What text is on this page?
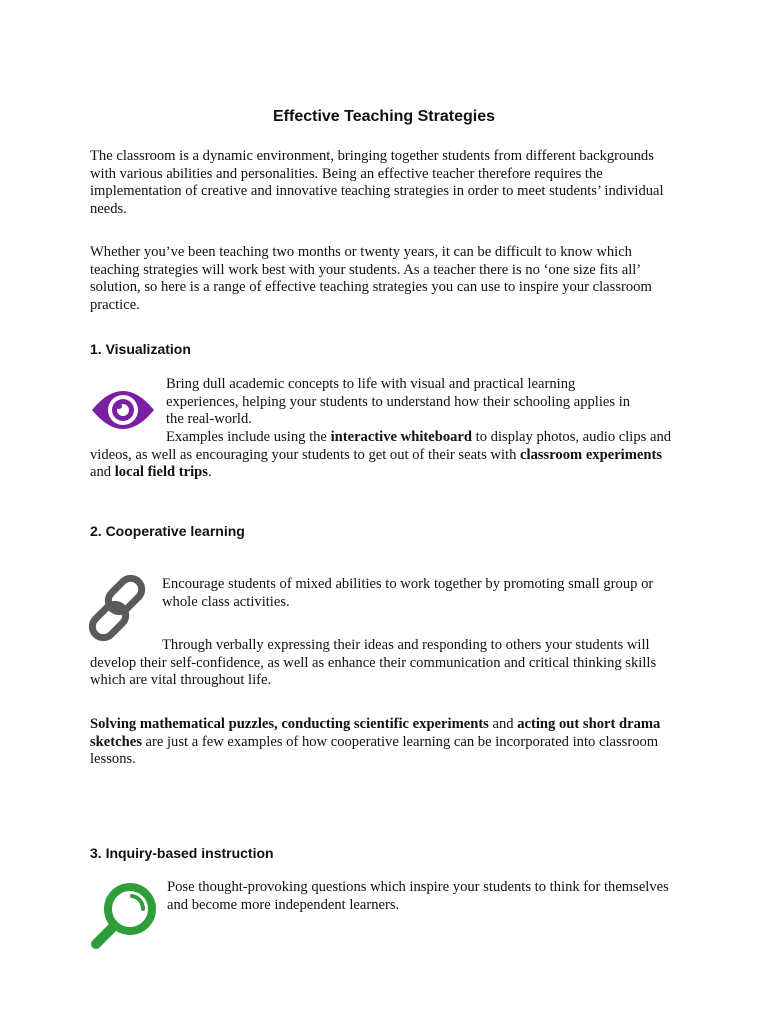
Effective Teaching Strategies
The classroom is a dynamic environment, bringing together students from different backgrounds with various abilities and personalities. Being an effective teacher therefore requires the implementation of creative and innovative teaching strategies in order to meet students’ individual needs.
Whether you’ve been teaching two months or twenty years, it can be difficult to know which teaching strategies will work best with your students. As a teacher there is no ‘one size fits all’ solution, so here is a range of effective teaching strategies you can use to inspire your classroom practice.
1. Visualization
Bring dull academic concepts to life with visual and practical learning experiences, helping your students to understand how their schooling applies in the real-world.
Examples include using the interactive whiteboard to display photos, audio clips and videos, as well as encouraging your students to get out of their seats with classroom experiments and local field trips.
2. Cooperative learning
Encourage students of mixed abilities to work together by promoting small group or whole class activities.
Through verbally expressing their ideas and responding to others your students will develop their self-confidence, as well as enhance their communication and critical thinking skills which are vital throughout life.
Solving mathematical puzzles, conducting scientific experiments and acting out short drama sketches are just a few examples of how cooperative learning can be incorporated into classroom lessons.
3. Inquiry-based instruction
Pose thought-provoking questions which inspire your students to think for themselves and become more independent learners.
